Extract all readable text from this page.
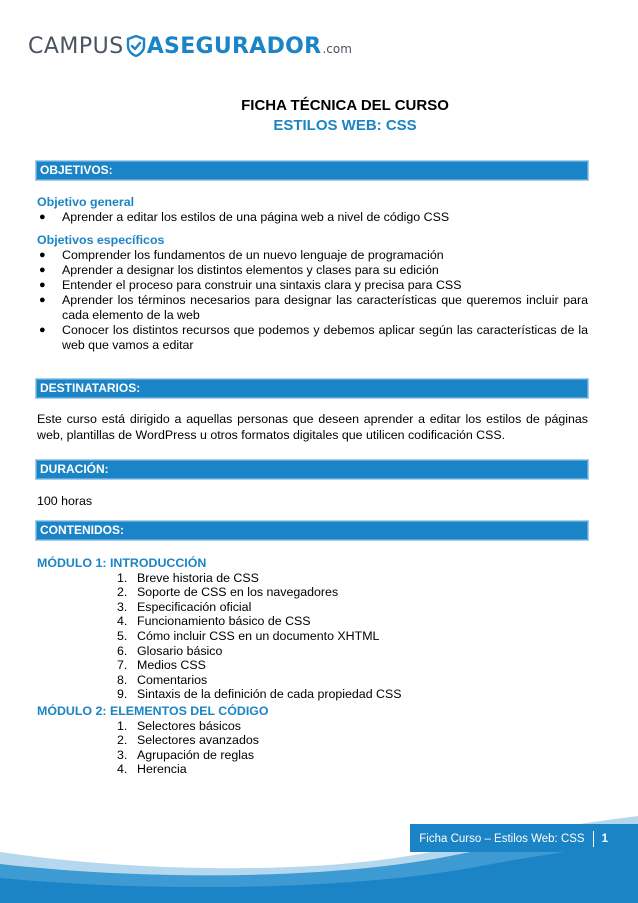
CAMPUS ASEGURADOR .com
FICHA TÉCNICA DEL CURSO
ESTILOS WEB: CSS
OBJETIVOS:
Objetivo general
● Aprender a editar los estilos de una página web a nivel de código CSS
Objetivos específicos
● Comprender los fundamentos de un nuevo lenguaje de programación
● Aprender a designar los distintos elementos y clases para su edición
● Entender el proceso para construir una sintaxis clara y precisa para CSS
● Aprender los términos necesarios para designar las características que queremos incluir para cada elemento de la web
● Conocer los distintos recursos que podemos y debemos aplicar según las características de la web que vamos a editar
DESTINATARIOS:
Este curso está dirigido a aquellas personas que deseen aprender a editar los estilos de páginas web, plantillas de WordPress u otros formatos digitales que utilicen codificación CSS.
DURACIÓN:
100 horas
CONTENIDOS:
MÓDULO 1: INTRODUCCIÓN
1. Breve historia de CSS
2. Soporte de CSS en los navegadores
3. Especificación oficial
4. Funcionamiento básico de CSS
5. Cómo incluir CSS en un documento XHTML
6. Glosario básico
7. Medios CSS
8. Comentarios
9. Sintaxis de la definición de cada propiedad CSS
MÓDULO 2: ELEMENTOS DEL CÓDIGO
1. Selectores básicos
2. Selectores avanzados
3. Agrupación de reglas
4. Herencia
Ficha Curso – Estilos Web: CSS 1
